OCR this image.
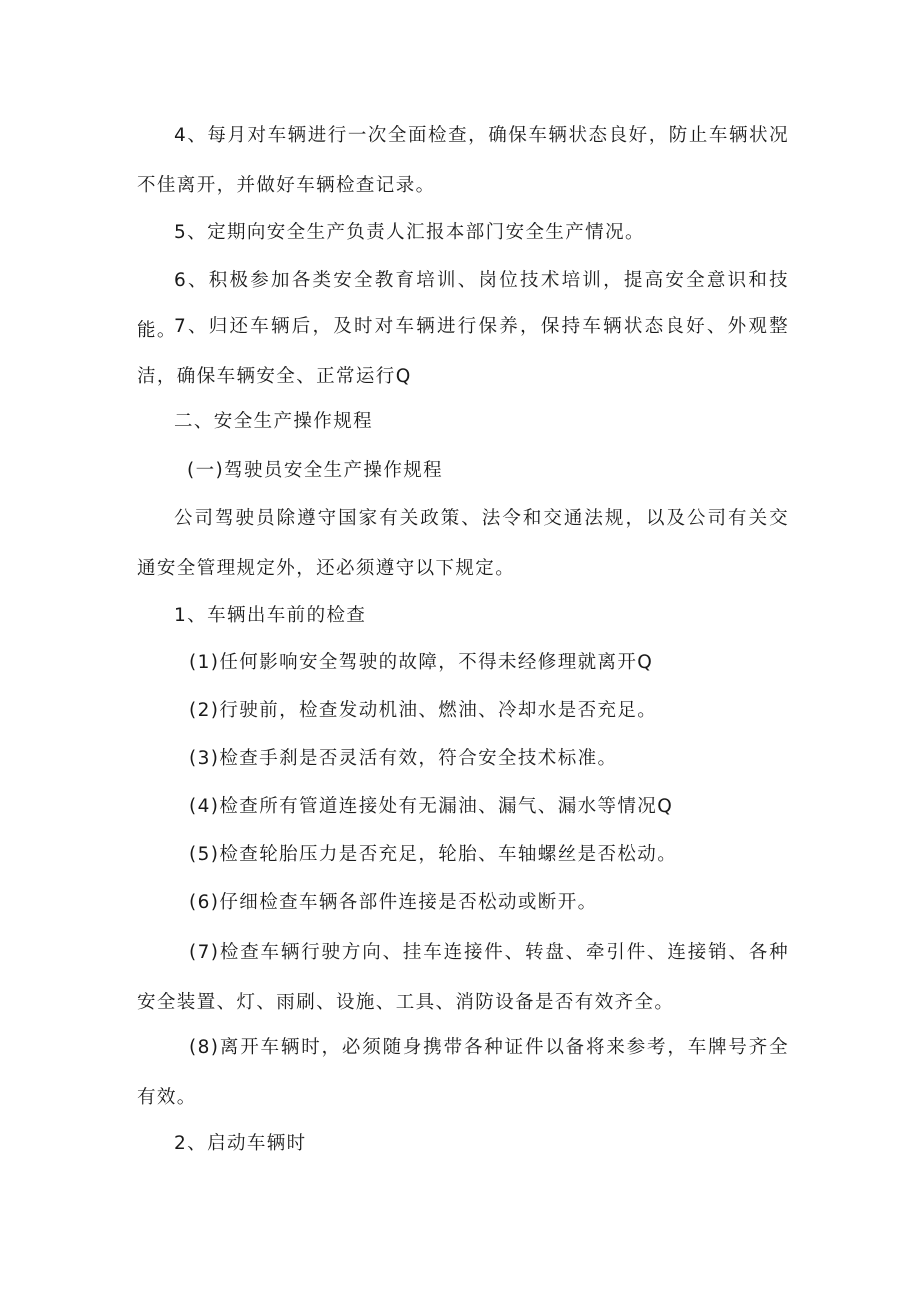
4、每月对车辆进行一次全面检查，确保车辆状态良好，防止车辆状况不佳离开，并做好车辆检查记录。

5、定期向安全生产负责人汇报本部门安全生产情况。

6、积极参加各类安全教育培训、岗位技术培训，提高安全意识和技能。

7、归还车辆后，及时对车辆进行保养，保持车辆状态良好、外观整洁，确保车辆安全、正常运行Q

二、安全生产操作规程

(一)驾驶员安全生产操作规程

公司驾驶员除遵守国家有关政策、法令和交通法规，以及公司有关交通安全管理规定外，还必须遵守以下规定。

1、车辆出车前的检查

(1)任何影响安全驾驶的故障，不得未经修理就离开Q

(2)行驶前，检查发动机油、燃油、冷却水是否充足。

(3)检查手刹是否灵活有效，符合安全技术标准。

(4)检查所有管道连接处有无漏油、漏气、漏水等情况Q

(5)检查轮胎压力是否充足，轮胎、车轴螺丝是否松动。

(6)仔细检查车辆各部件连接是否松动或断开。

(7)检查车辆行驶方向、挂车连接件、转盘、牵引件、连接销、各种安全装置、灯、雨刷、设施、工具、消防设备是否有效齐全。

(8)离开车辆时，必须随身携带各种证件以备将来参考，车牌号齐全有效。

2、启动车辆时
